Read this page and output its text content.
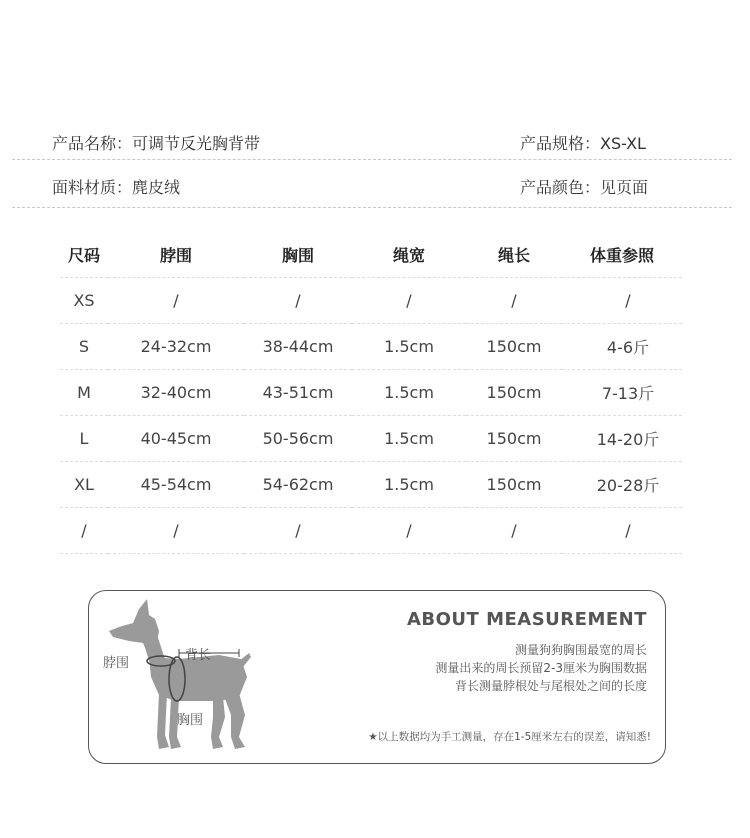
产品名称：可调节反光胸背带	产品规格：XS-XL
面料材质：麂皮绒	产品颜色：见页面
尺码	脖围	胸围	绳宽	绳长	体重参照
XS	/	/	/	/	/
S	24-32cm	38-44cm	1.5cm	150cm	4-6斤
M	32-40cm	43-51cm	1.5cm	150cm	7-13斤
L	40-45cm	50-56cm	1.5cm	150cm	14-20斤
XL	45-54cm	54-62cm	1.5cm	150cm	20-28斤
/	/	/	/	/	/
脖围
背长
胸围
ABOUT MEASUREMENT
测量狗狗胸围最宽的周长
测量出来的周长预留2-3厘米为胸围数据
背长测量脖根处与尾根处之间的长度
★以上数据均为手工测量，存在1-5厘米左右的误差，请知悉!
